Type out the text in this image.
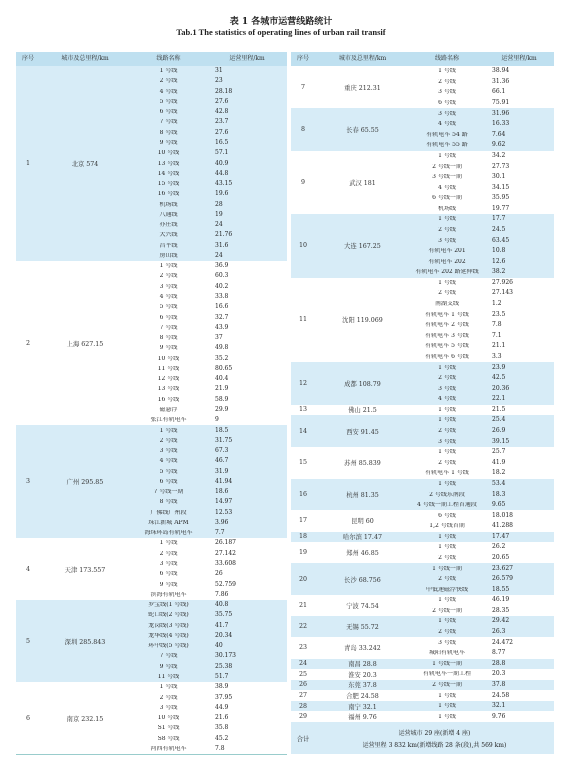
表 1 各城市运营线路统计
Tab.1 The statistics of operating lines of urban rail transif
序号	城市及总里程/km	线路名称	运营里程/km
1	北京 574
1 号线	31
2 号线	23
4 号线	28.18
5 号线	27.6
6 号线	42.8
7 号线	23.7
8 号线	27.6
9 号线	16.5
10 号线	57.1
13 号线	40.9
14 号线	44.8
15 号线	43.15
16 号线	19.6
机场线	28
八通线	19
亦庄线	24
大兴线	21.76
昌平线	31.6
房山线	24
2	上海 627.15
1 号线	36.9
2 号线	60.3
3 号线	40.2
4 号线	33.8
5 号线	16.6
6 号线	32.7
7 号线	43.9
8 号线	37
9 号线	49.8
10 号线	35.2
11 号线	80.65
12 号线	40.4
13 号线	21.9
16 号线	58.9
磁悬浮	29.9
张江有轨电车	9
3	广州 295.85
1 号线	18.5
2 号线	31.75
3 号线	67.3
4 号线	46.7
5 号线	31.9
6 号线	41.94
7 号线一期	18.6
8 号线	14.97
广佛线广州段	12.53
珠江新城 APM	3.96
海珠环岛有轨电车	7.7
4	天津 173.557
1 号线	26.187
2 号线	27.142
3 号线	33.608
6 号线	26
9 号线	52.759
滨海有轨电车	7.86
5	深圳 285.843
罗宝线(1 号线)	40.8
蛇口线(2 号线)	35.75
龙岗线(3 号线)	41.7
龙华线(4 号线)	20.34
环中线(5 号线)	40
7 号线	30.173
9 号线	25.38
11 号线	51.7
6	南京 232.15
1 号线	38.9
2 号线	37.95
3 号线	44.9
10 号线	21.6
S1 号线	35.8
S8 号线	45.2
河西有轨电车	7.8
序号	城市及总里程/km	线路名称	运营里程/km
7	重庆 212.31
1 号线	38.94
2 号线	31.36
3 号线	66.1
6 号线	75.91
8	长春 65.55
3 号线	31.96
4 号线	16.33
有轨电车 54 路	7.64
有轨电车 55 路	9.62
9	武汉 181
1 号线	34.2
2 号线一期	27.73
3 号线一期	30.1
4 号线	34.15
6 号线一期	35.95
机场线	19.77
10	大连 167.25
1 号线	17.7
2 号线	24.5
3 号线	63.45
有轨电车 201	10.8
有轨电车 202	12.6
有轨电车 202 路延伸线	38.2
11	沈阳 119.069
1 号线	27.926
2 号线	27.143
南湖支线	1.2
有轨电车 1 号线	23.5
有轨电车 2 号线	7.8
有轨电车 3 号线	7.1
有轨电车 5 号线	21.1
有轨电车 6 号线	3.3
12	成都 108.79
1 号线	23.9
2 号线	42.5
3 号线	20.36
4 号线	22.1
13	佛山 21.5	1 号线	21.5
14	西安 91.45
1 号线	25.4
2 号线	26.9
3 号线	39.15
15	苏州 85.839
1 号线	25.7
2 号线	41.9
有轨电车 1 号线	18.2
16	杭州 81.35
1 号线	53.4
2 号线东南段	18.3
4 号线一期工程首通段	9.65
17	昆明 60
6 号线	18.018
1,2 号线首期	41.288
18	哈尔滨 17.47	1 号线	17.47
19	郑州 46.85
1 号线	26.2
2 号线	20.65
20	长沙 68.756
1 号线一期	23.627
2 号线	26.579
中低速磁浮快线	18.55
21	宁波 74.54
1 号线	46.19
2 号线一期	28.35
22	无锡 55.72
1 号线	29.42
2 号线	26.3
23	青岛 33.242
3 号线	24.472
城阳有轨电车	8.77
24	南昌 28.8	1 号线一期	28.8
25	淮安 20.3	有轨电车一期工程	20.3
26	东莞 37.8	2 号线一期	37.8
27	合肥 24.58	1 号线	24.58
28	南宁 32.1	1 号线	32.1
29	福州 9.76	1 号线	9.76
合计
运营城市 29 座(新增 4 座)
运营里程 3 832 km(新增线路 28 条(段),共 569 km)
